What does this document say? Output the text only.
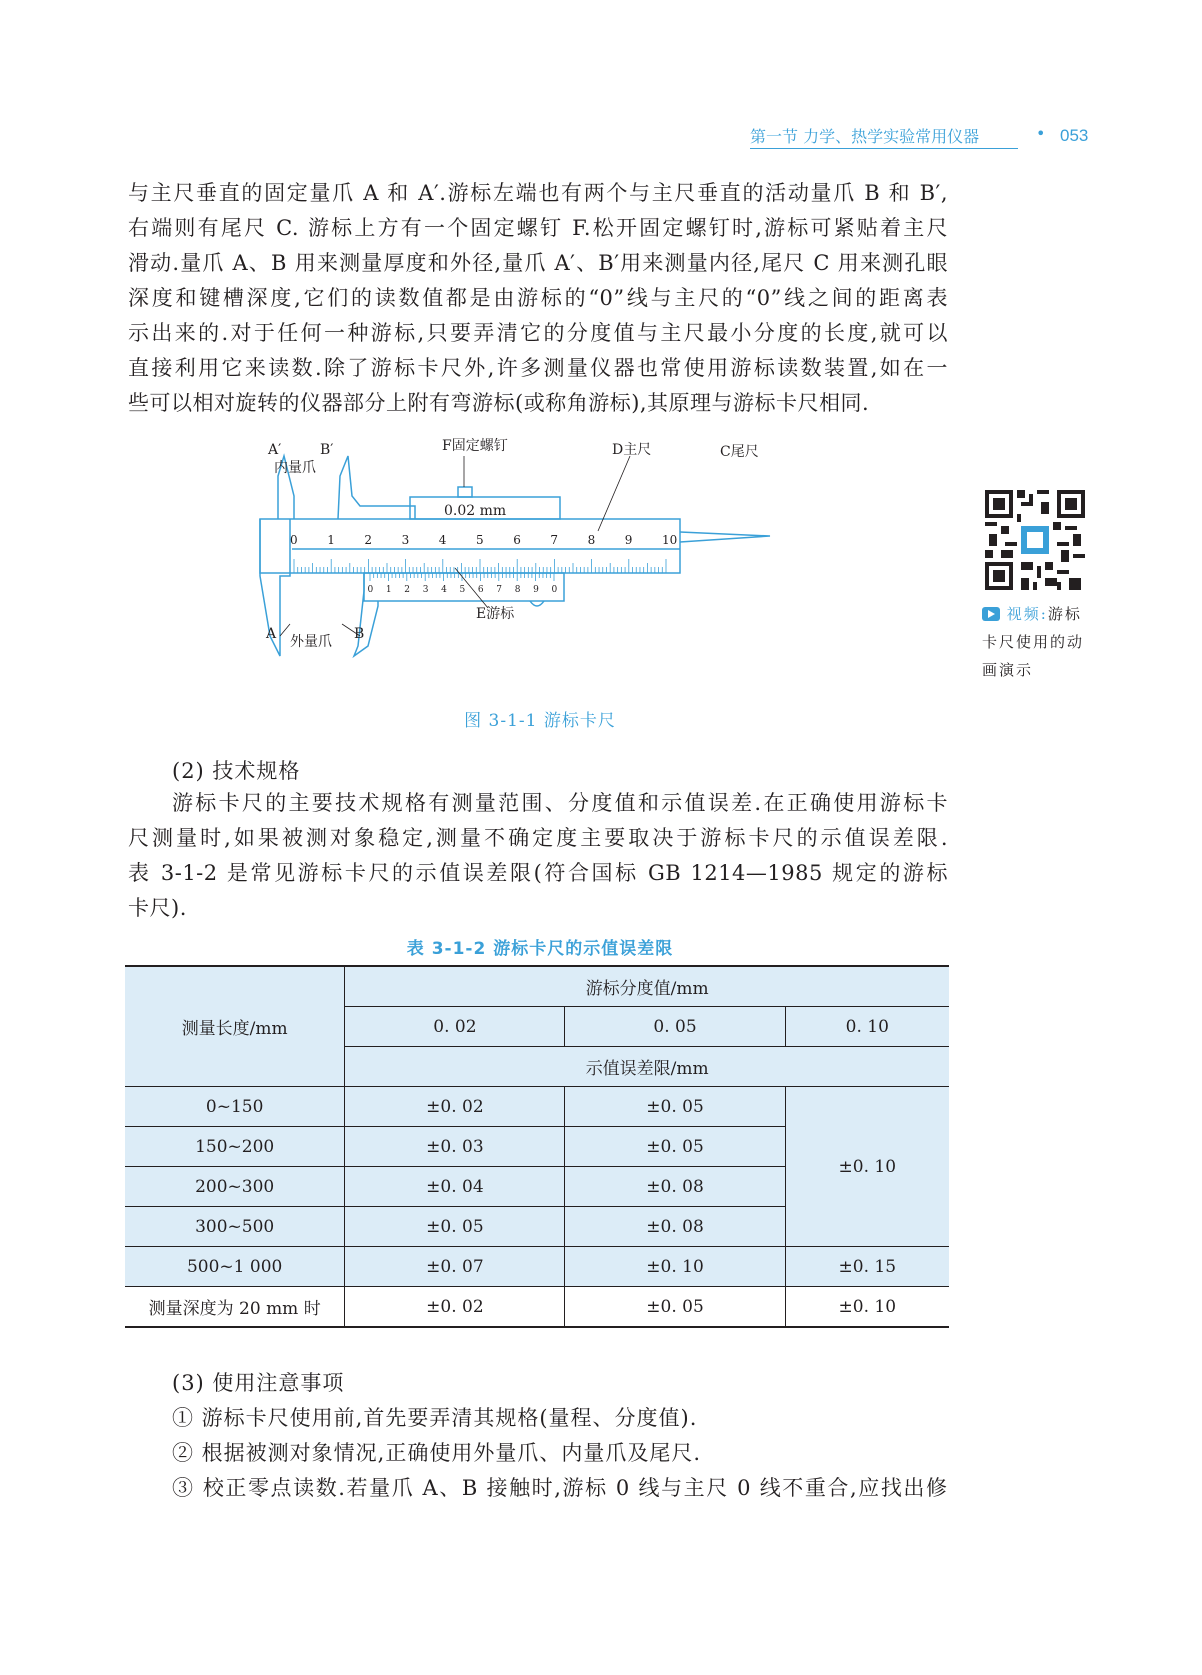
第一节 力学、热学实验常用仪器	• 053
与主尺垂直的固定量爪 A 和 A′.游标左端也有两个与主尺垂直的活动量爪 B 和 B′,
右端则有尾尺 C. 游标上方有一个固定螺钉 F.松开固定螺钉时,游标可紧贴着主尺
滑动.量爪 A、B 用来测量厚度和外径,量爪 A′、B′用来测量内径,尾尺 C 用来测孔眼
深度和键槽深度,它们的读数值都是由游标的“0”线与主尺的“0”线之间的距离表
示出来的.对于任何一种游标,只要弄清它的分度值与主尺最小分度的长度,就可以
直接利用它来读数.除了游标卡尺外,许多测量仪器也常使用游标读数装置,如在一
些可以相对旋转的仪器部分上附有弯游标(或称角游标),其原理与游标卡尺相同.
0 1 2 3 4 5 6 7 8 9 10
0 1 2 3 4 5 6 7 8 9 0
A′	B′
内量爪
F固定螺钉	D主尺	C尾尺
0.02 mm
E游标
A	B
外量爪
图 3-1-1 游标卡尺
视频:游标
卡尺使用的动
画演示
(2) 技术规格
游标卡尺的主要技术规格有测量范围、分度值和示值误差.在正确使用游标卡
尺测量时,如果被测对象稳定,测量不确定度主要取决于游标卡尺的示值误差限.
表 3-1-2 是常见游标卡尺的示值误差限(符合国标 GB 1214—1985 规定的游标
卡尺).
表 3-1-2 游标卡尺的示值误差限
测量长度/mm	游标分度值/mm		
	0. 02	0. 05	0. 10
	示值误差限/mm		
0~150	±0. 02	±0. 05	±0. 10
150~200	±0. 03	±0. 05	
200~300	±0. 04	±0. 08	
300~500	±0. 05	±0. 08	
500~1 000	±0. 07	±0. 10	±0. 15
测量深度为 20 mm 时	±0. 02	±0. 05	±0. 10
(3) 使用注意事项
① 游标卡尺使用前,首先要弄清其规格(量程、分度值).
② 根据被测对象情况,正确使用外量爪、内量爪及尾尺.
③ 校正零点读数.若量爪 A、B 接触时,游标 0 线与主尺 0 线不重合,应找出修
